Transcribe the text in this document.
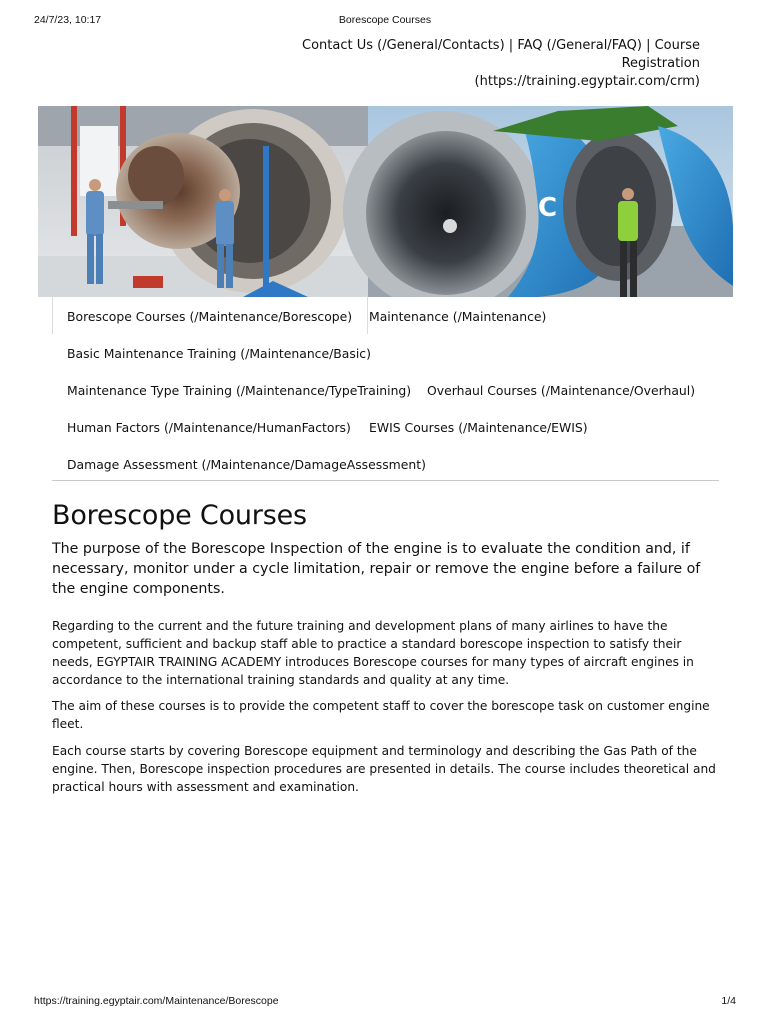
24/7/23, 10:17	Borescope Courses
Contact Us (/General/Contacts) | FAQ (/General/FAQ) | Course Registration
(https://training.egyptair.com/crm)
C
Borescope Courses (/Maintenance/Borescope)	Maintenance (/Maintenance)
Basic Maintenance Training (/Maintenance/Basic)
Maintenance Type Training (/Maintenance/TypeTraining) Overhaul Courses (/Maintenance/Overhaul)
Human Factors (/Maintenance/HumanFactors) EWIS Courses (/Maintenance/EWIS)
Damage Assessment (/Maintenance/DamageAssessment)
Borescope Courses

The purpose of the Borescope Inspection of the engine is to evaluate the condition and, if necessary, monitor under a cycle limitation, repair or remove the engine before a failure of the engine components.

Regarding to the current and the future training and development plans of many airlines to have the competent, sufficient and backup staff able to practice a standard borescope inspection to satisfy their needs, EGYPTAIR TRAINING ACADEMY introduces Borescope courses for many types of aircraft engines in accordance to the international training standards and quality at any time.

The aim of these courses is to provide the competent staff to cover the borescope task on customer engine fleet.

Each course starts by covering Borescope equipment and terminology and describing the Gas Path of the engine. Then, Borescope inspection procedures are presented in details. The course includes theoretical and practical hours with assessment and examination.

https://training.egyptair.com/Maintenance/Borescope	1/4
